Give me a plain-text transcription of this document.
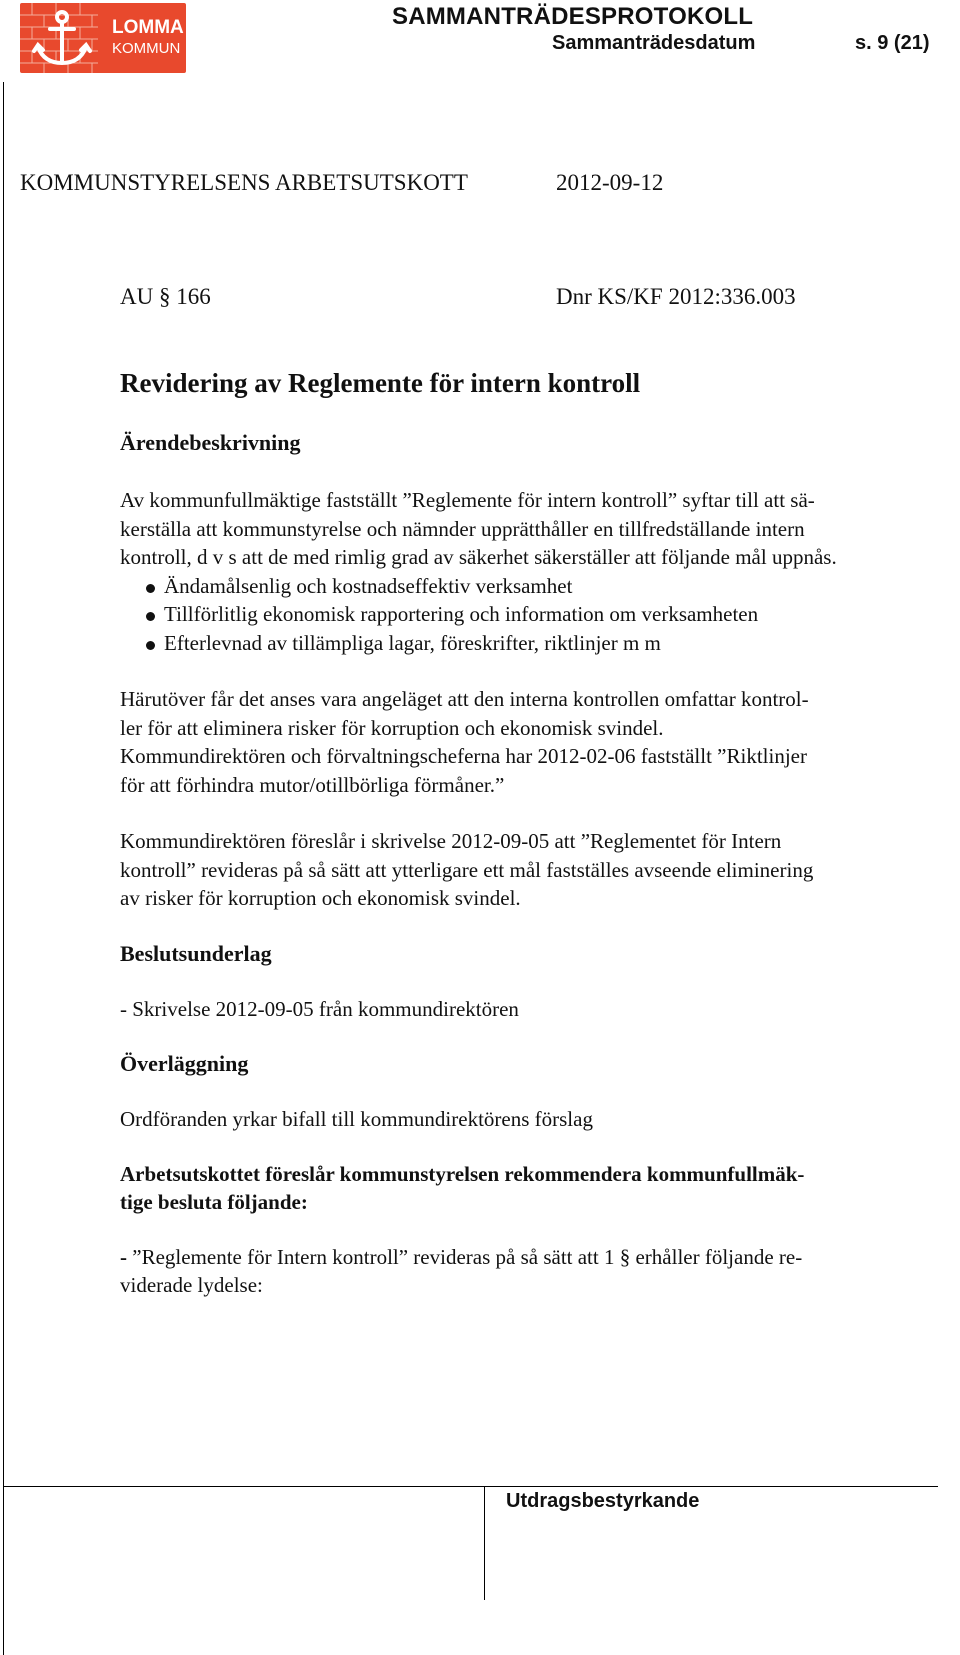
LOMMA
KOMMUN
SAMMANTRÄDESPROTOKOLL
Sammanträdesdatum	s. 9 (21)
KOMMUNSTYRELSENS ARBETSUTSKOTT	2012-09-12
AU § 166	Dnr KS/KF 2012:336.003
Revidering av Reglemente för intern kontroll
Ärendebeskrivning

Av kommunfullmäktige fastställt ”Reglemente för intern kontroll” syftar till att sä-
kerställa att kommunstyrelse och nämnder upprätthåller en tillfredställande intern
kontroll, d v s att de med rimlig grad av säkerhet säkerställer att följande mål uppnås.

Ändamålsenlig och kostnadseffektiv verksamhet
Tillförlitlig ekonomisk rapportering och information om verksamheten
Efterlevnad av tillämpliga lagar, föreskrifter, riktlinjer m m

Härutöver får det anses vara angeläget att den interna kontrollen omfattar kontrol-
ler för att eliminera risker för korruption och ekonomisk svindel.
Kommundirektören och förvaltningscheferna har 2012-02-06 fastställt ”Riktlinjer
för att förhindra mutor/otillbörliga förmåner.”

Kommundirektören föreslår i skrivelse 2012-09-05 att ”Reglementet för Intern
kontroll” revideras på så sätt att ytterligare ett mål fastställes avseende eliminering
av risker för korruption och ekonomisk svindel.

Beslutsunderlag

- Skrivelse 2012-09-05 från kommundirektören

Överläggning

Ordföranden yrkar bifall till kommundirektörens förslag

Arbetsutskottet föreslår kommunstyrelsen rekommendera kommunfullmäk-
tige besluta följande:

- ”Reglemente för Intern kontroll” revideras på så sätt att 1 § erhåller följande re-
viderade lydelse:

Utdragsbestyrkande
